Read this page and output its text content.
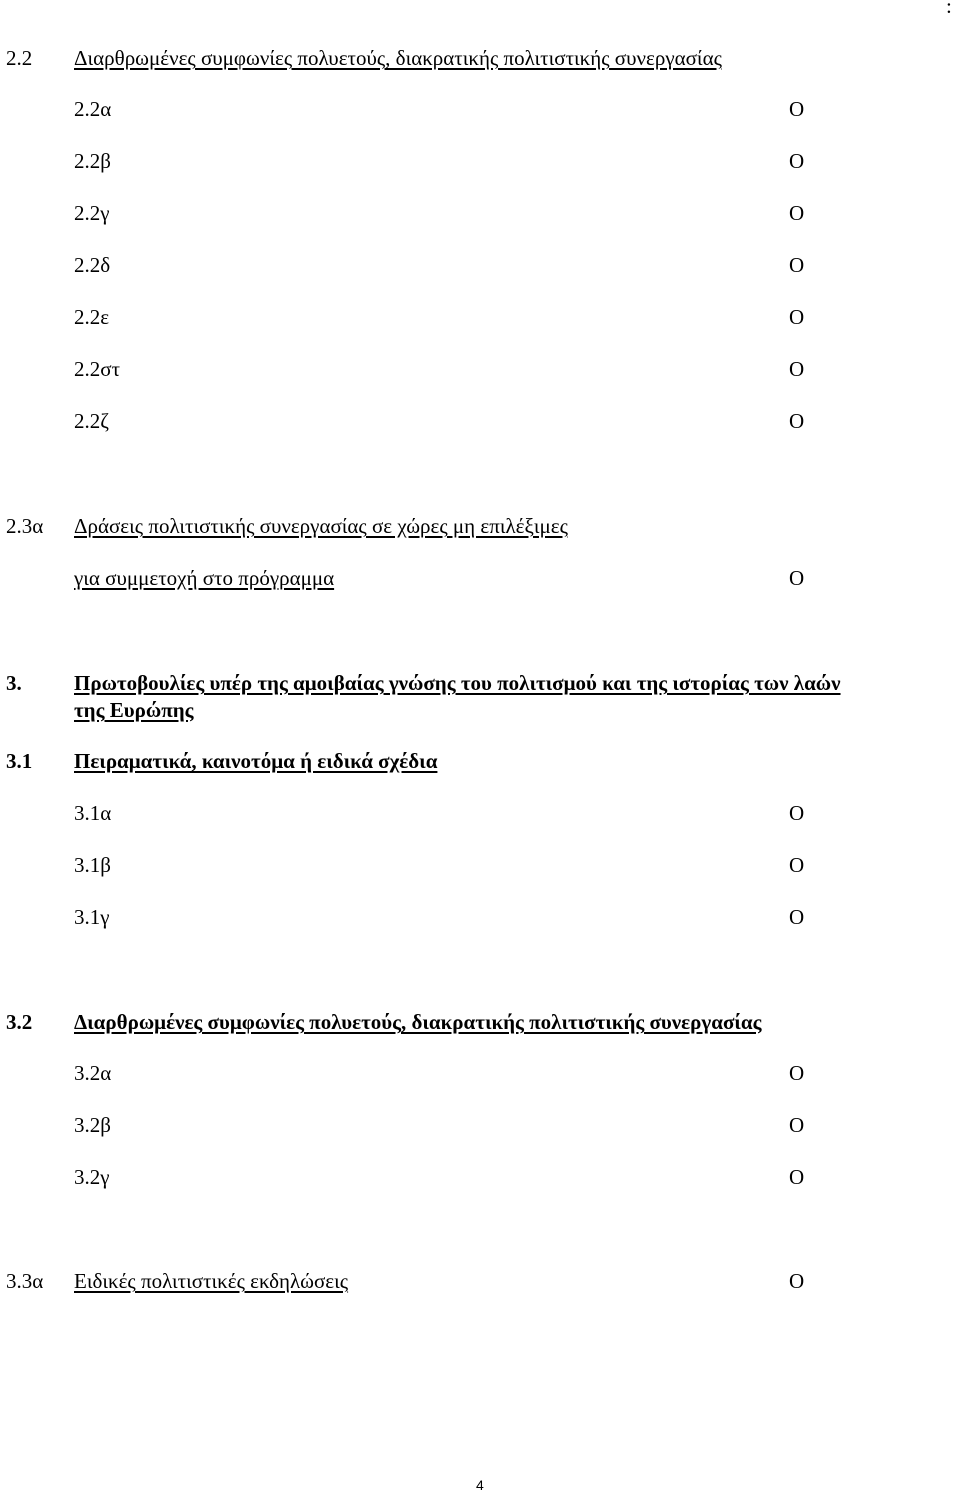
:
2.2 Διαρθρωμένες συμφωνίες πολυετούς, διακρατικής πολιτιστικής συνεργασίας
2.2α	Ο
2.2β	Ο
2.2γ	Ο
2.2δ	Ο
2.2ε	Ο
2.2στ	Ο
2.2ζ	Ο
2.3α Δράσεις πολιτιστικής συνεργασίας σε χώρες μη επιλέξιμες
για συμμετοχή στο πρόγραμμα	Ο
3. Πρωτοβουλίες υπέρ της αμοιβαίας γνώσης του πολιτισμού και της ιστορίας των λαών
της Ευρώπης
3.1 Πειραματικά, καινοτόμα ή ειδικά σχέδια
3.1α	Ο
3.1β	Ο
3.1γ	Ο
3.2 Διαρθρωμένες συμφωνίες πολυετούς, διακρατικής πολιτιστικής συνεργασίας
3.2α	Ο
3.2β	Ο
3.2γ	Ο
3.3α Ειδικές πολιτιστικές εκδηλώσεις	Ο
4
